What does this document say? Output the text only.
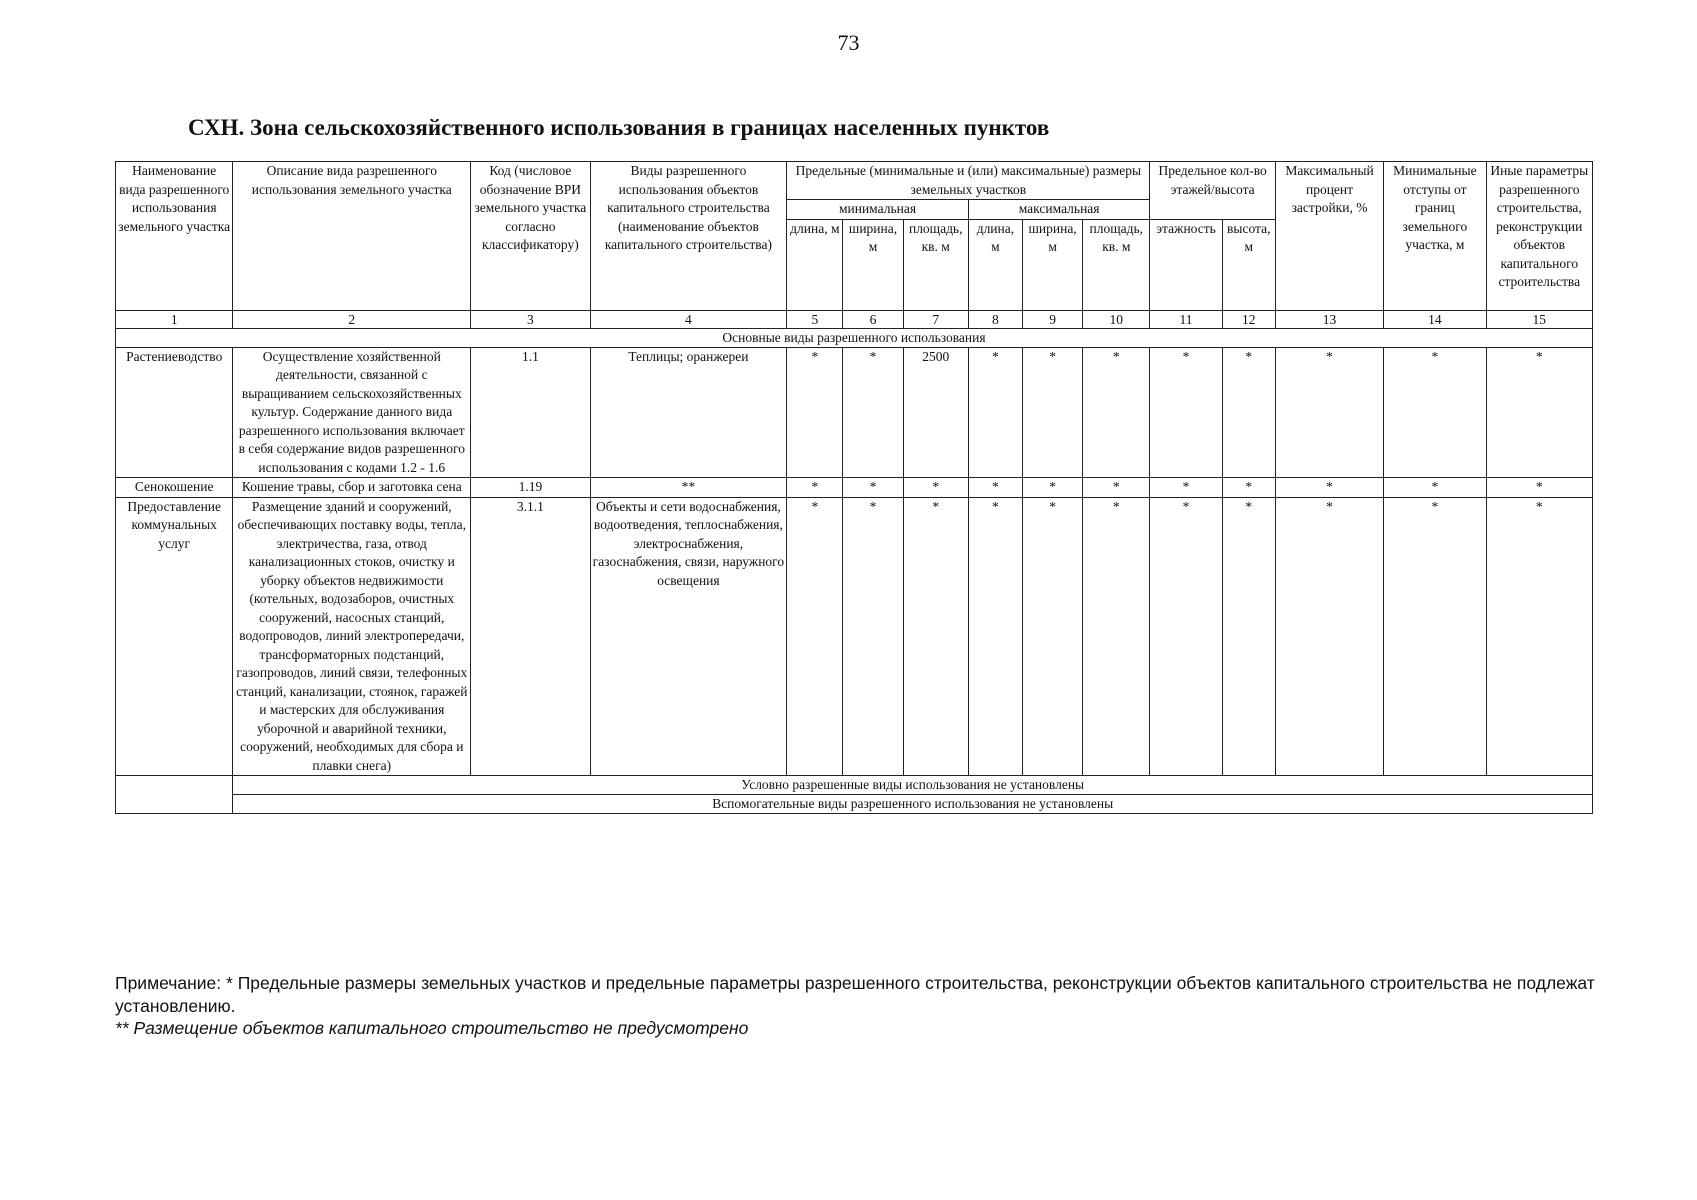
73
СХН. Зона сельскохозяйственного использования в границах населенных пунктов
Наименование вида разрешенного использования земельного участка	Описание вида разрешенного использования земельного участка	Код (числовое обозначение ВРИ земельного участка согласно классификатору)	Виды разрешенного использования объектов капитального строительства (наименование объектов капитального строительства)	Предельные (минимальные и (или) максимальные) размеры земельных участков						Предельное кол-во этажей/высота		Максимальный процент застройки, %	Минимальные отступы от границ земельного участка, м	Иные параметры разрешенного строительства, реконструкции объектов капитального строительства
				минимальная			максимальная							
				длина, м	ширина, м	площадь, кв. м	длина, м	ширина, м	площадь, кв. м	этажность	высота, м			
1	2	3	4	5	6	7	8	9	10	11	12	13	14	15
Основные виды разрешенного использования														
Растениеводство	Осуществление хозяйственной деятельности, связанной с выращиванием сельскохозяйственных культур. Содержание данного вида разрешенного использования включает в себя содержание видов разрешенного использования с кодами 1.2 - 1.6	1.1	Теплицы; оранжереи	*	*	2500	*	*	*	*	*	*	*	*
Сенокошение	Кошение травы, сбор и заготовка сена	1.19	**	*	*	*	*	*	*	*	*	*	*	*
Предоставление коммунальных услуг	Размещение зданий и сооружений, обеспечивающих поставку воды, тепла, электричества, газа, отвод канализационных стоков, очистку и уборку объектов недвижимости (котельных, водозаборов, очистных сооружений, насосных станций, водопроводов, линий электропередачи, трансформаторных подстанций, газопроводов, линий связи, телефонных станций, канализации, стоянок, гаражей и мастерских для обслуживания уборочной и аварийной техники, сооружений, необходимых для сбора и плавки снега)	3.1.1	Объекты и сети водоснабжения, водоотведения, теплоснабжения, электроснабжения, газоснабжения, связи, наружного освещения	*	*	*	*	*	*	*	*	*	*	*
	Условно разрешенные виды использования не установлены													
	Вспомогательные виды разрешенного использования не установлены													
Примечание: * Предельные размеры земельных участков и предельные параметры разрешенного строительства, реконструкции объектов капитального строительства не подлежат установлению.
** Размещение объектов капитального строительство не предусмотрено
